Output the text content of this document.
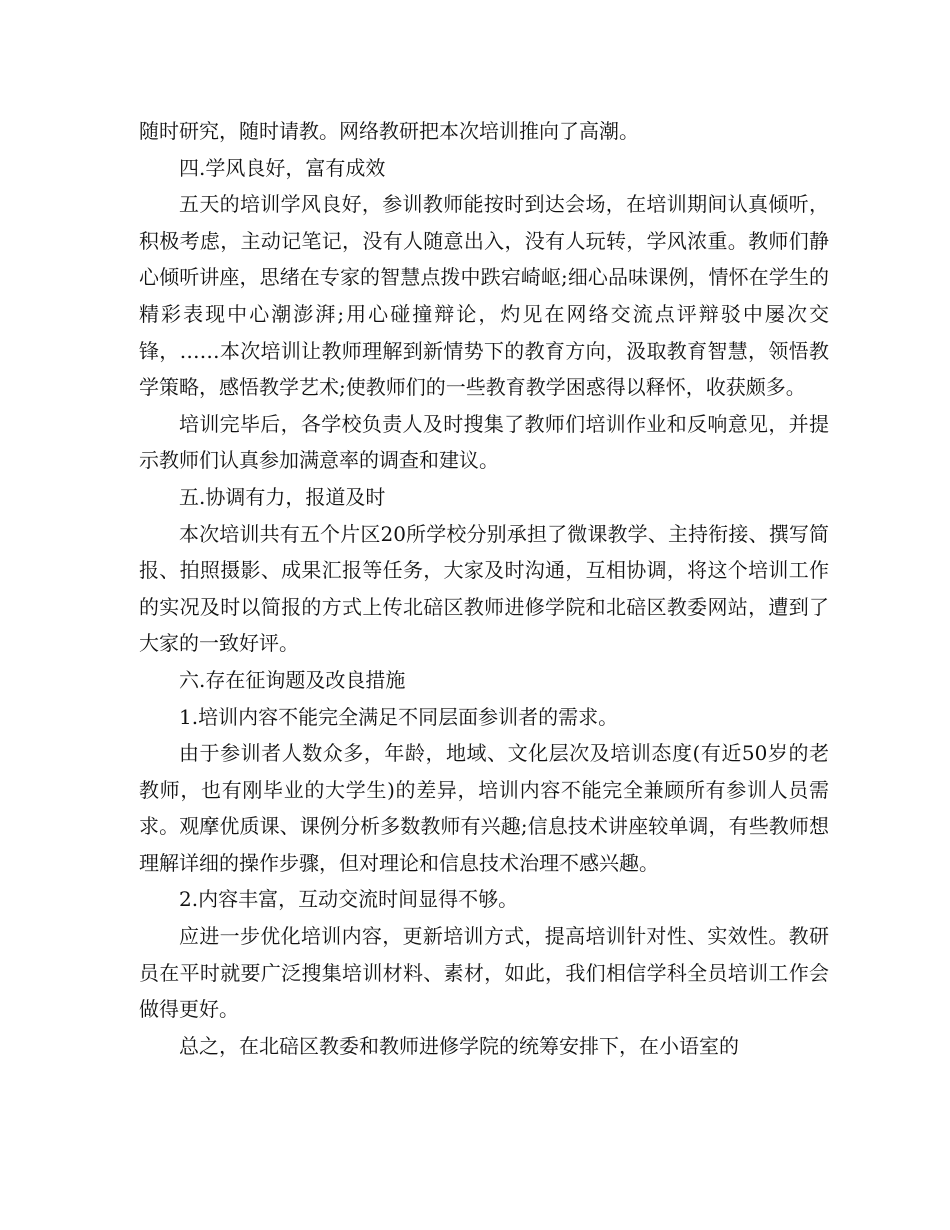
随时研究，随时请教。网络教研把本次培训推向了高潮。

四.学风良好，富有成效

五天的培训学风良好，参训教师能按时到达会场，在培训期间认真倾听，积极考虑，主动记笔记，没有人随意出入，没有人玩转，学风浓重。教师们静心倾听讲座，思绪在专家的智慧点拨中跌宕崎岖;细心品味课例，情怀在学生的精彩表现中心潮澎湃;用心碰撞辩论，灼见在网络交流点评辩驳中屡次交锋，……本次培训让教师理解到新情势下的教育方向，汲取教育智慧，领悟教学策略，感悟教学艺术;使教师们的一些教育教学困惑得以释怀，收获颇多。

培训完毕后，各学校负责人及时搜集了教师们培训作业和反响意见，并提示教师们认真参加满意率的调查和建议。

五.协调有力，报道及时

本次培训共有五个片区20所学校分别承担了微课教学、主持衔接、撰写简报、拍照摄影、成果汇报等任务，大家及时沟通，互相协调，将这个培训工作的实况及时以简报的方式上传北碚区教师进修学院和北碚区教委网站，遭到了大家的一致好评。

六.存在征询题及改良措施

1.培训内容不能完全满足不同层面参训者的需求。

由于参训者人数众多，年龄，地域、文化层次及培训态度(有近50岁的老教师，也有刚毕业的大学生)的差异，培训内容不能完全兼顾所有参训人员需求。观摩优质课、课例分析多数教师有兴趣;信息技术讲座较单调，有些教师想理解详细的操作步骤，但对理论和信息技术治理不感兴趣。

2.内容丰富，互动交流时间显得不够。

应进一步优化培训内容，更新培训方式，提高培训针对性、实效性。教研员在平时就要广泛搜集培训材料、素材，如此，我们相信学科全员培训工作会做得更好。

总之，在北碚区教委和教师进修学院的统筹安排下，在小语室的
